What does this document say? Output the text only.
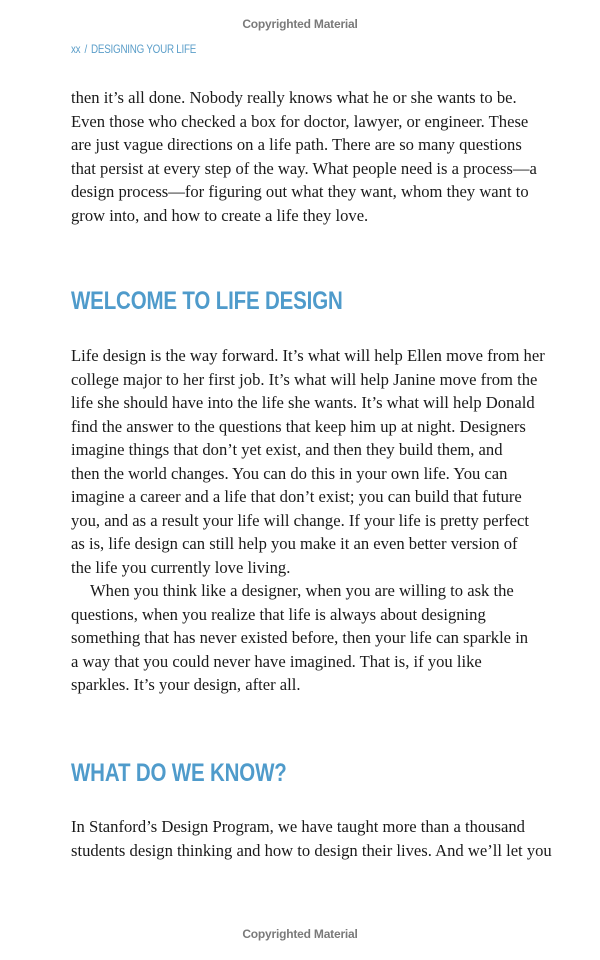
Copyrighted Material
xx / DESIGNING YOUR LIFE

then it’s all done. Nobody really knows what he or she wants to be.
Even those who checked a box for doctor, lawyer, or engineer. These
are just vague directions on a life path. There are so many questions
that persist at every step of the way. What people need is a process—a
design process—for figuring out what they want, whom they want to
grow into, and how to create a life they love.

WELCOME TO LIFE DESIGN

Life design is the way forward. It’s what will help Ellen move from her
college major to her first job. It’s what will help Janine move from the
life she should have into the life she wants. It’s what will help Donald
find the answer to the questions that keep him up at night. Designers
imagine things that don’t yet exist, and then they build them, and
then the world changes. You can do this in your own life. You can
imagine a career and a life that don’t exist; you can build that future
you, and as a result your life will change. If your life is pretty perfect
as is, life design can still help you make it an even better version of
the life you currently love living.

When you think like a designer, when you are willing to ask the

questions, when you realize that life is always about designing
something that has never existed before, then your life can sparkle in
a way that you could never have imagined. That is, if you like
sparkles. It’s your design, after all.

WHAT DO WE KNOW?

In Stanford’s Design Program, we have taught more than a thousand
students design thinking and how to design their lives. And we’ll let you

Copyrighted Material
